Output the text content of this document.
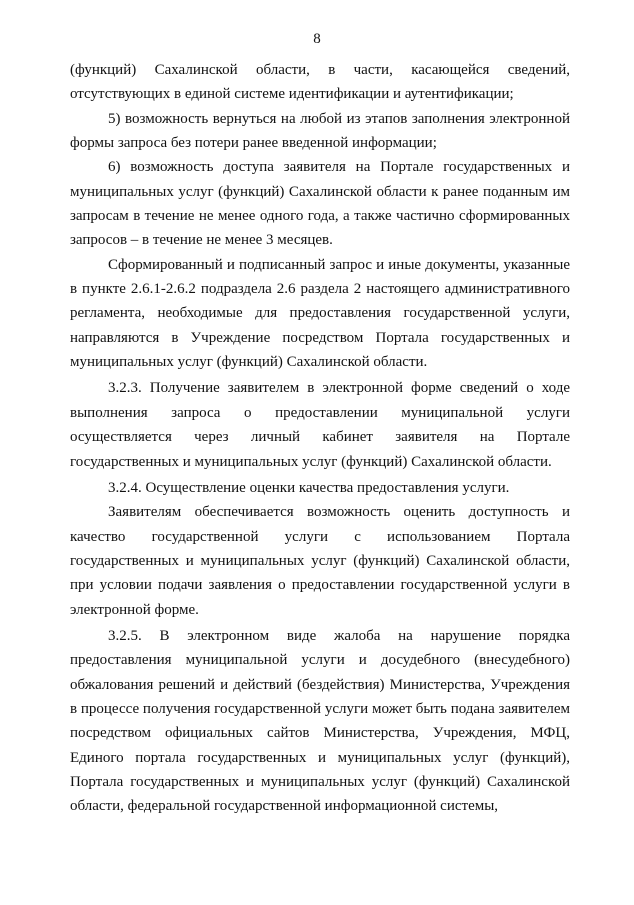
8

(функций) Сахалинской области, в части, касающейся сведений, отсутствующих в единой системе идентификации и аутентификации;

5) возможность вернуться на любой из этапов заполнения электронной формы запроса без потери ранее введенной информации;

6) возможность доступа заявителя на Портале государственных и муниципальных услуг (функций) Сахалинской области к ранее поданным им запросам в течение не менее одного года, а также частично сформированных запросов – в течение не менее 3 месяцев.

Сформированный и подписанный запрос и иные документы, указанные в пункте 2.6.1-2.6.2 подраздела 2.6 раздела 2 настоящего административного регламента, необходимые для предоставления государственной услуги, направляются в Учреждение посредством Портала государственных и муниципальных услуг (функций) Сахалинской области.

3.2.3. Получение заявителем в электронной форме сведений о ходе выполнения запроса о предоставлении муниципальной услуги осуществляется через личный кабинет заявителя на Портале государственных и муниципальных услуг (функций) Сахалинской области.

3.2.4. Осуществление оценки качества предоставления услуги.

Заявителям обеспечивается возможность оценить доступность и качество государственной услуги с использованием Портала государственных и муниципальных услуг (функций) Сахалинской области, при условии подачи заявления о предоставлении государственной услуги в электронной форме.

3.2.5. В электронном виде жалоба на нарушение порядка предоставления муниципальной услуги и досудебного (внесудебного) обжалования решений и действий (бездействия) Министерства, Учреждения в процессе получения государственной услуги может быть подана заявителем посредством официальных сайтов Министерства, Учреждения, МФЦ, Единого портала государственных и муниципальных услуг (функций), Портала государственных и муниципальных услуг (функций) Сахалинской области, федеральной государственной информационной системы,
